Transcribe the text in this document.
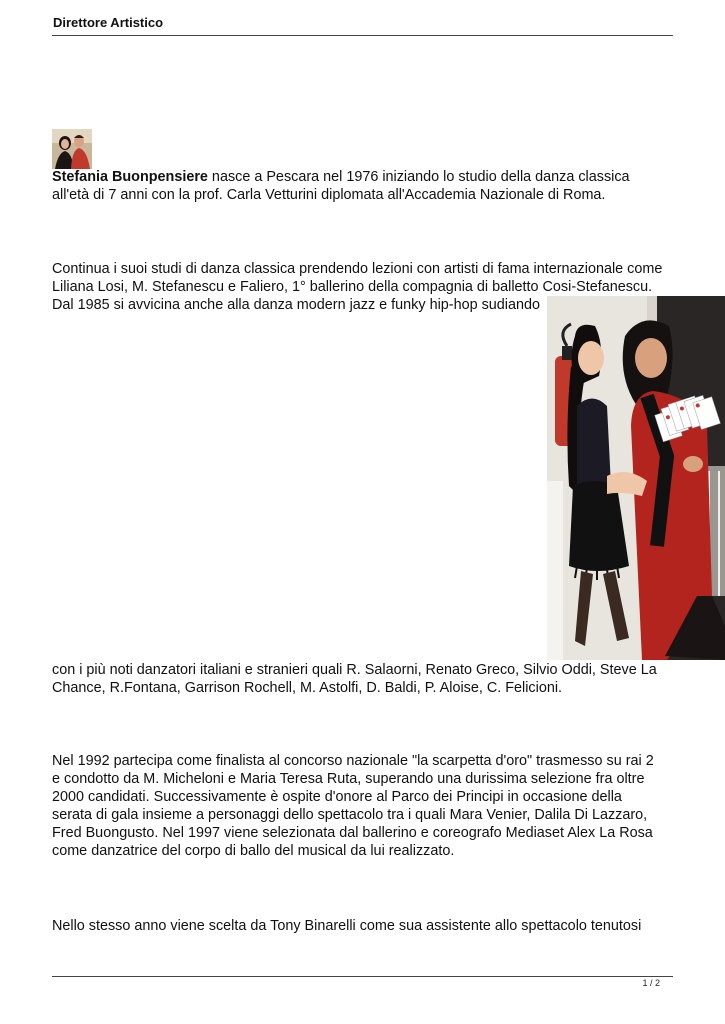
Direttore Artistico
Stefania Buonpensiere nasce a Pescara nel 1976 iniziando lo studio della danza classica
all'età di 7 anni con la prof. Carla Vetturini diplomata all'Accademia Nazionale di Roma.
Continua i suoi studi di danza classica prendendo lezioni con artisti di fama internazionale come
Liliana Losi, M. Stefanescu e Faliero, 1° ballerino della compagnia di balletto Cosi-Stefanescu.
Dal 1985 si avvicina anche alla danza modern jazz e funky hip-hop sudiando
con i più noti danzatori italiani e stranieri quali R. Salaorni, Renato Greco, Silvio Oddi, Steve La
Chance, R.Fontana, Garrison Rochell, M. Astolfi, D. Baldi, P. Aloise, C. Felicioni.
Nel 1992 partecipa come finalista al concorso nazionale "la scarpetta d'oro" trasmesso su rai 2
e condotto da M. Micheloni e Maria Teresa Ruta, superando una durissima selezione fra oltre
2000 candidati. Successivamente è ospite d'onore al Parco dei Principi in occasione della
serata di gala insieme a personaggi dello spettacolo tra i quali Mara Venier, Dalila Di Lazzaro,
Fred Buongusto. Nel 1997 viene selezionata dal ballerino e coreografo Mediaset Alex La Rosa
come danzatrice del corpo di ballo del musical da lui realizzato.
Nello stesso anno viene scelta da Tony Binarelli come sua assistente allo spettacolo tenutosi
1 / 2
